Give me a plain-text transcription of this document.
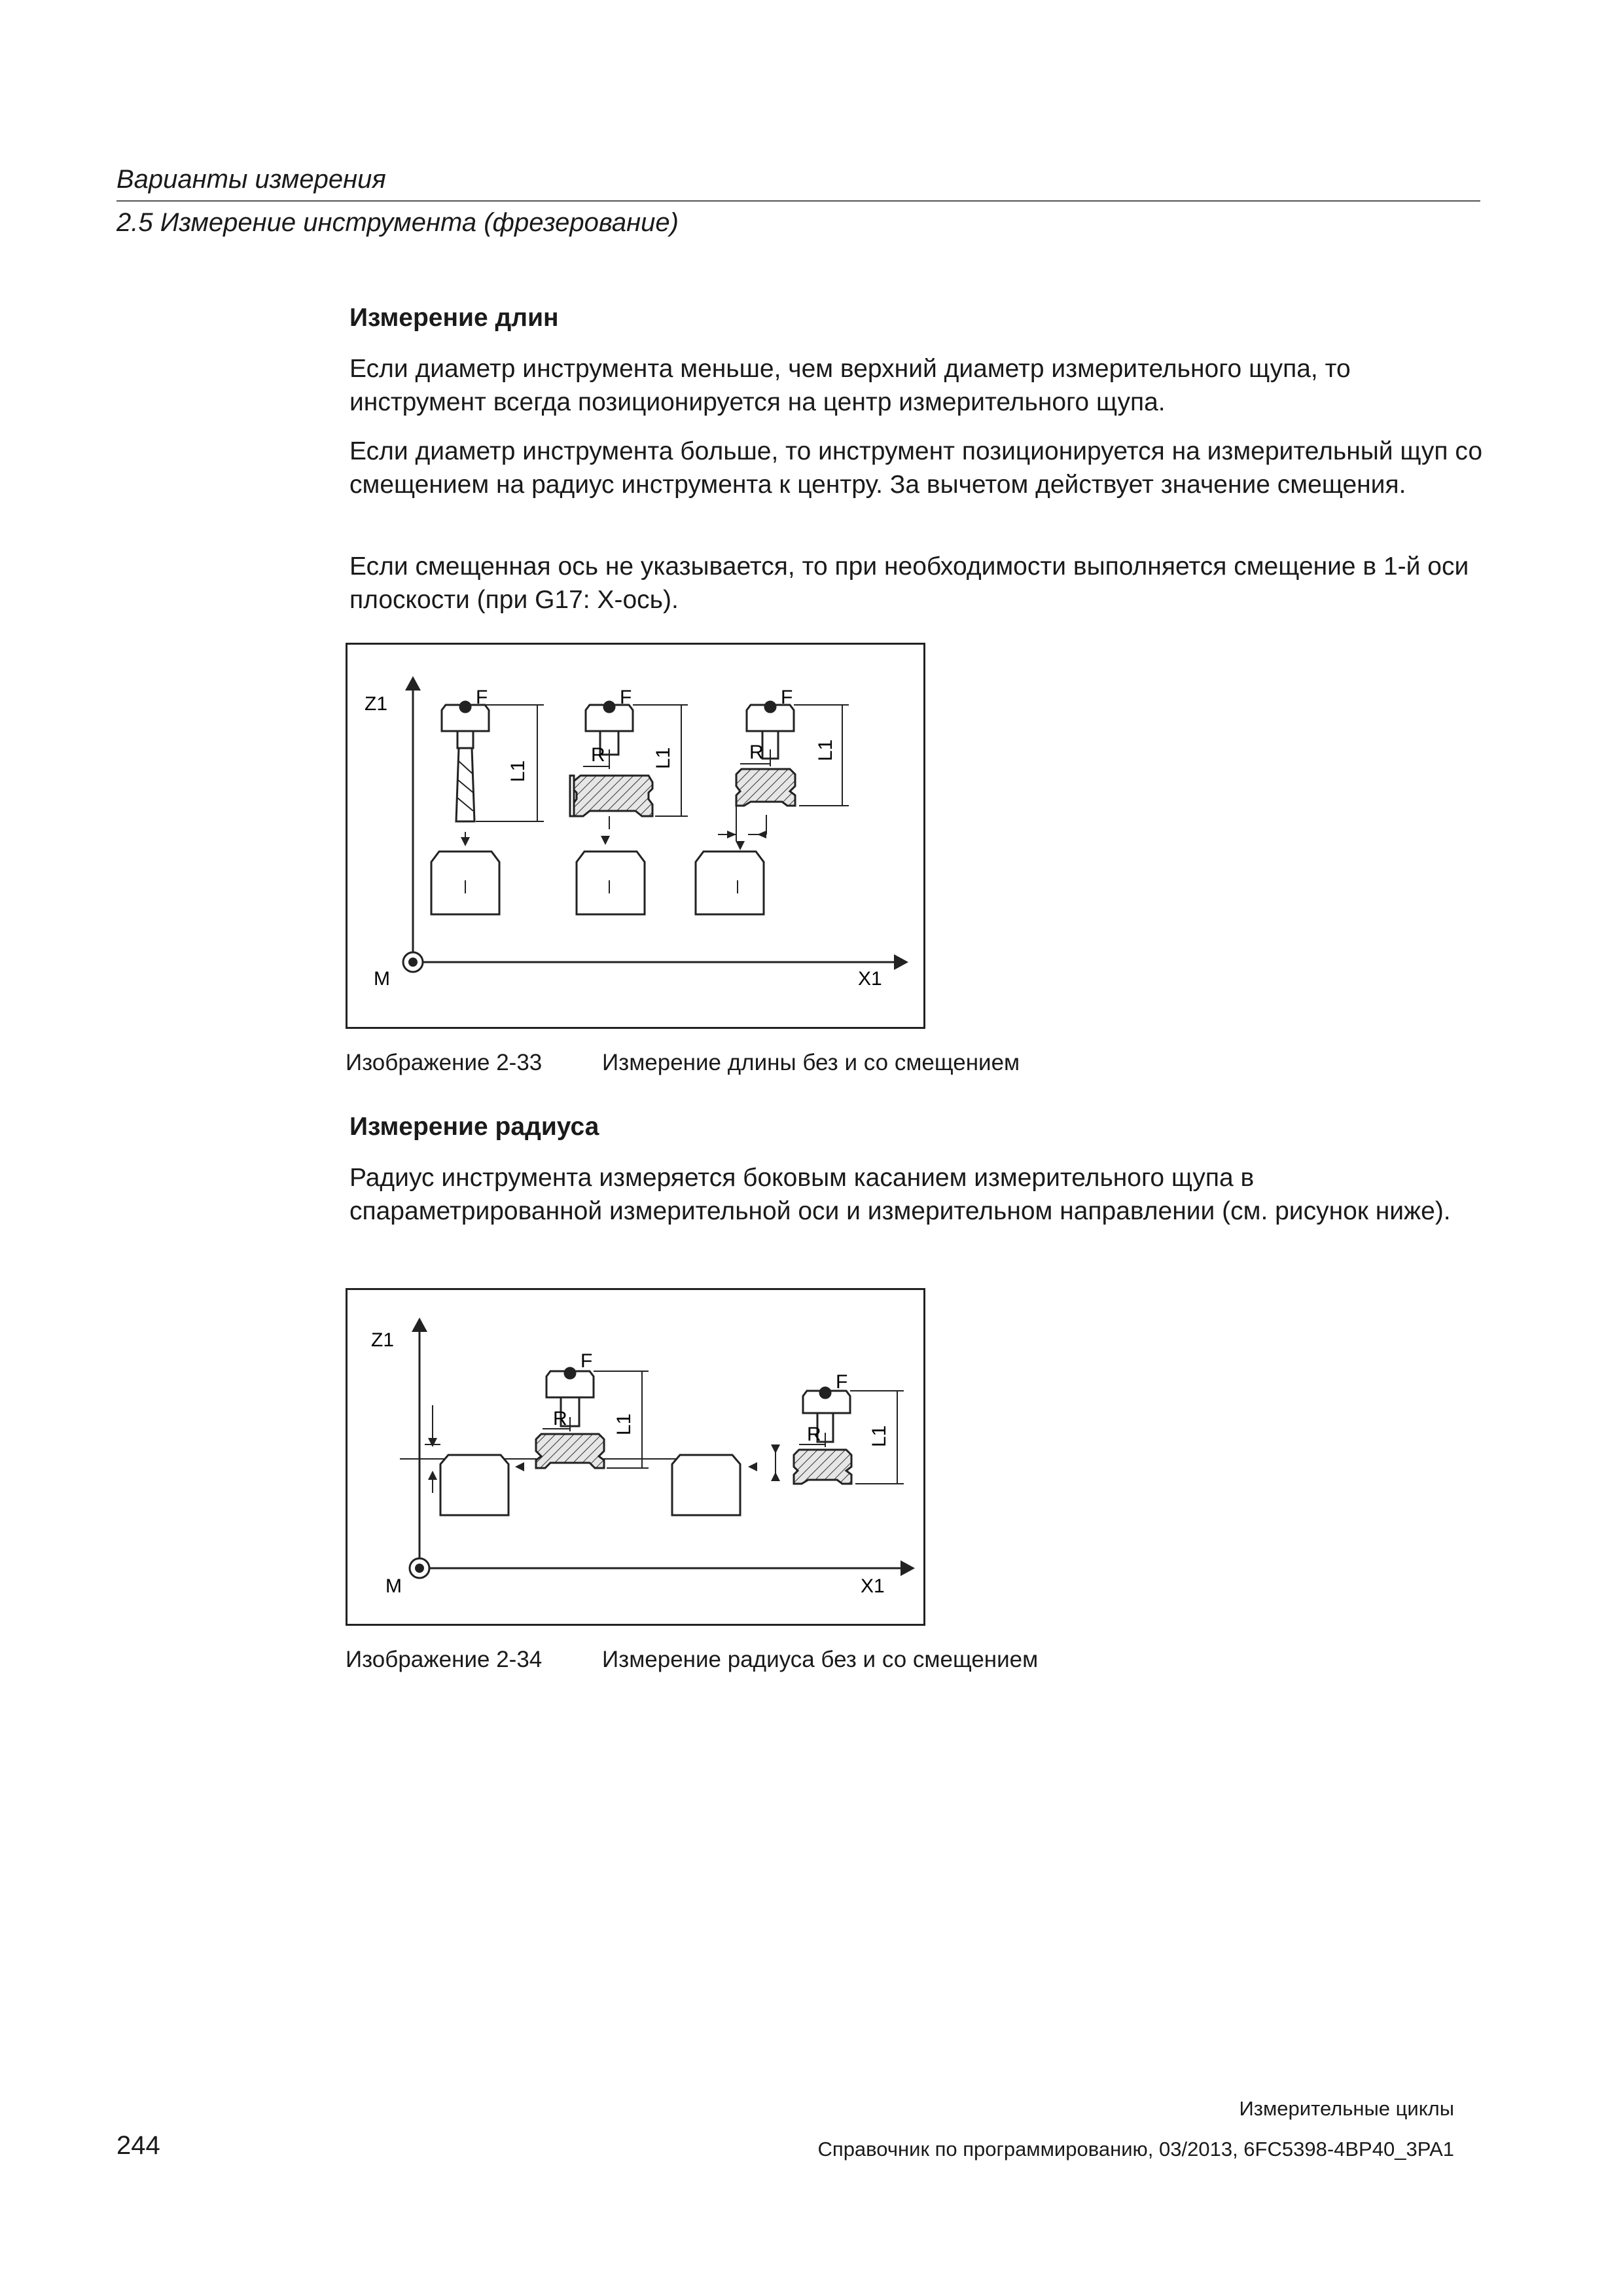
Варианты измерения
2.5 Измерение инструмента (фрезерование)
Измерение длин

Если диаметр инструмента меньше, чем верхний диаметр измерительного щупа, то инструмент всегда позиционируется на центр измерительного щупа.

Если диаметр инструмента больше, то инструмент позиционируется на измерительный щуп со смещением на радиус инструмента к центру. За вычетом действует значение смещения.

Если смещенная ось не указывается, то при необходимости выполняется смещение в 1-й оси плоскости (при G17: X-ось).

Z1
M	X1
F
L1
F
R L1
F
R	L1
Изображение 2-33	Измерение длины без и со смещением
Измерение радиуса

Радиус инструмента измеряется боковым касанием измерительного щупа в спараметрированной измерительной оси и измерительном направлении (см. рисунок ниже).

Z1
M	X1
F
R L1
F
R L1
Изображение 2-34	Измерение радиуса без и со смещением
Измерительные циклы
244	Справочник по программированию, 03/2013, 6FC5398-4BP40_3PA1
